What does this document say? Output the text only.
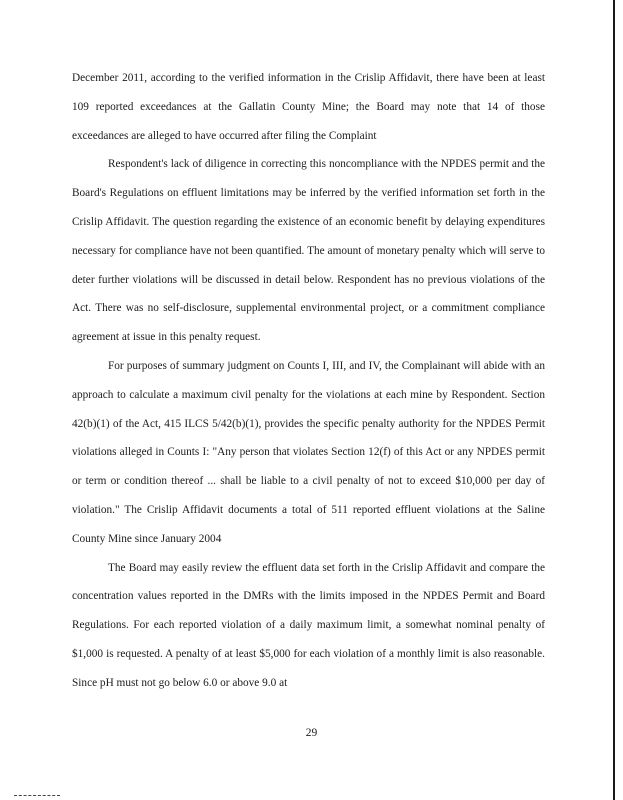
December 2011, according to the verified information in the Crislip Affidavit, there have been at least 109 reported exceedances at the Gallatin County Mine; the Board may note that 14 of those exceedances are alleged to have occurred after filing the Complaint

Respondent's lack of diligence in correcting this noncompliance with the NPDES permit and the Board's Regulations on effluent limitations may be inferred by the verified information set forth in the Crislip Affidavit. The question regarding the existence of an economic benefit by delaying expenditures necessary for compliance have not been quantified. The amount of monetary penalty which will serve to deter further violations will be discussed in detail below. Respondent has no previous violations of the Act. There was no self-disclosure, supplemental environmental project, or a commitment compliance agreement at issue in this penalty request.

For purposes of summary judgment on Counts I, III, and IV, the Complainant will abide with an approach to calculate a maximum civil penalty for the violations at each mine by Respondent. Section 42(b)(1) of the Act, 415 ILCS 5/42(b)(1), provides the specific penalty authority for the NPDES Permit violations alleged in Counts I: "Any person that violates Section 12(f) of this Act or any NPDES permit or term or condition thereof ... shall be liable to a civil penalty of not to exceed $10,000 per day of violation." The Crislip Affidavit documents a total of 511 reported effluent violations at the Saline County Mine since January 2004

The Board may easily review the effluent data set forth in the Crislip Affidavit and compare the concentration values reported in the DMRs with the limits imposed in the NPDES Permit and Board Regulations. For each reported violation of a daily maximum limit, a somewhat nominal penalty of $1,000 is requested. A penalty of at least $5,000 for each violation of a monthly limit is also reasonable. Since pH must not go below 6.0 or above 9.0 at

29
